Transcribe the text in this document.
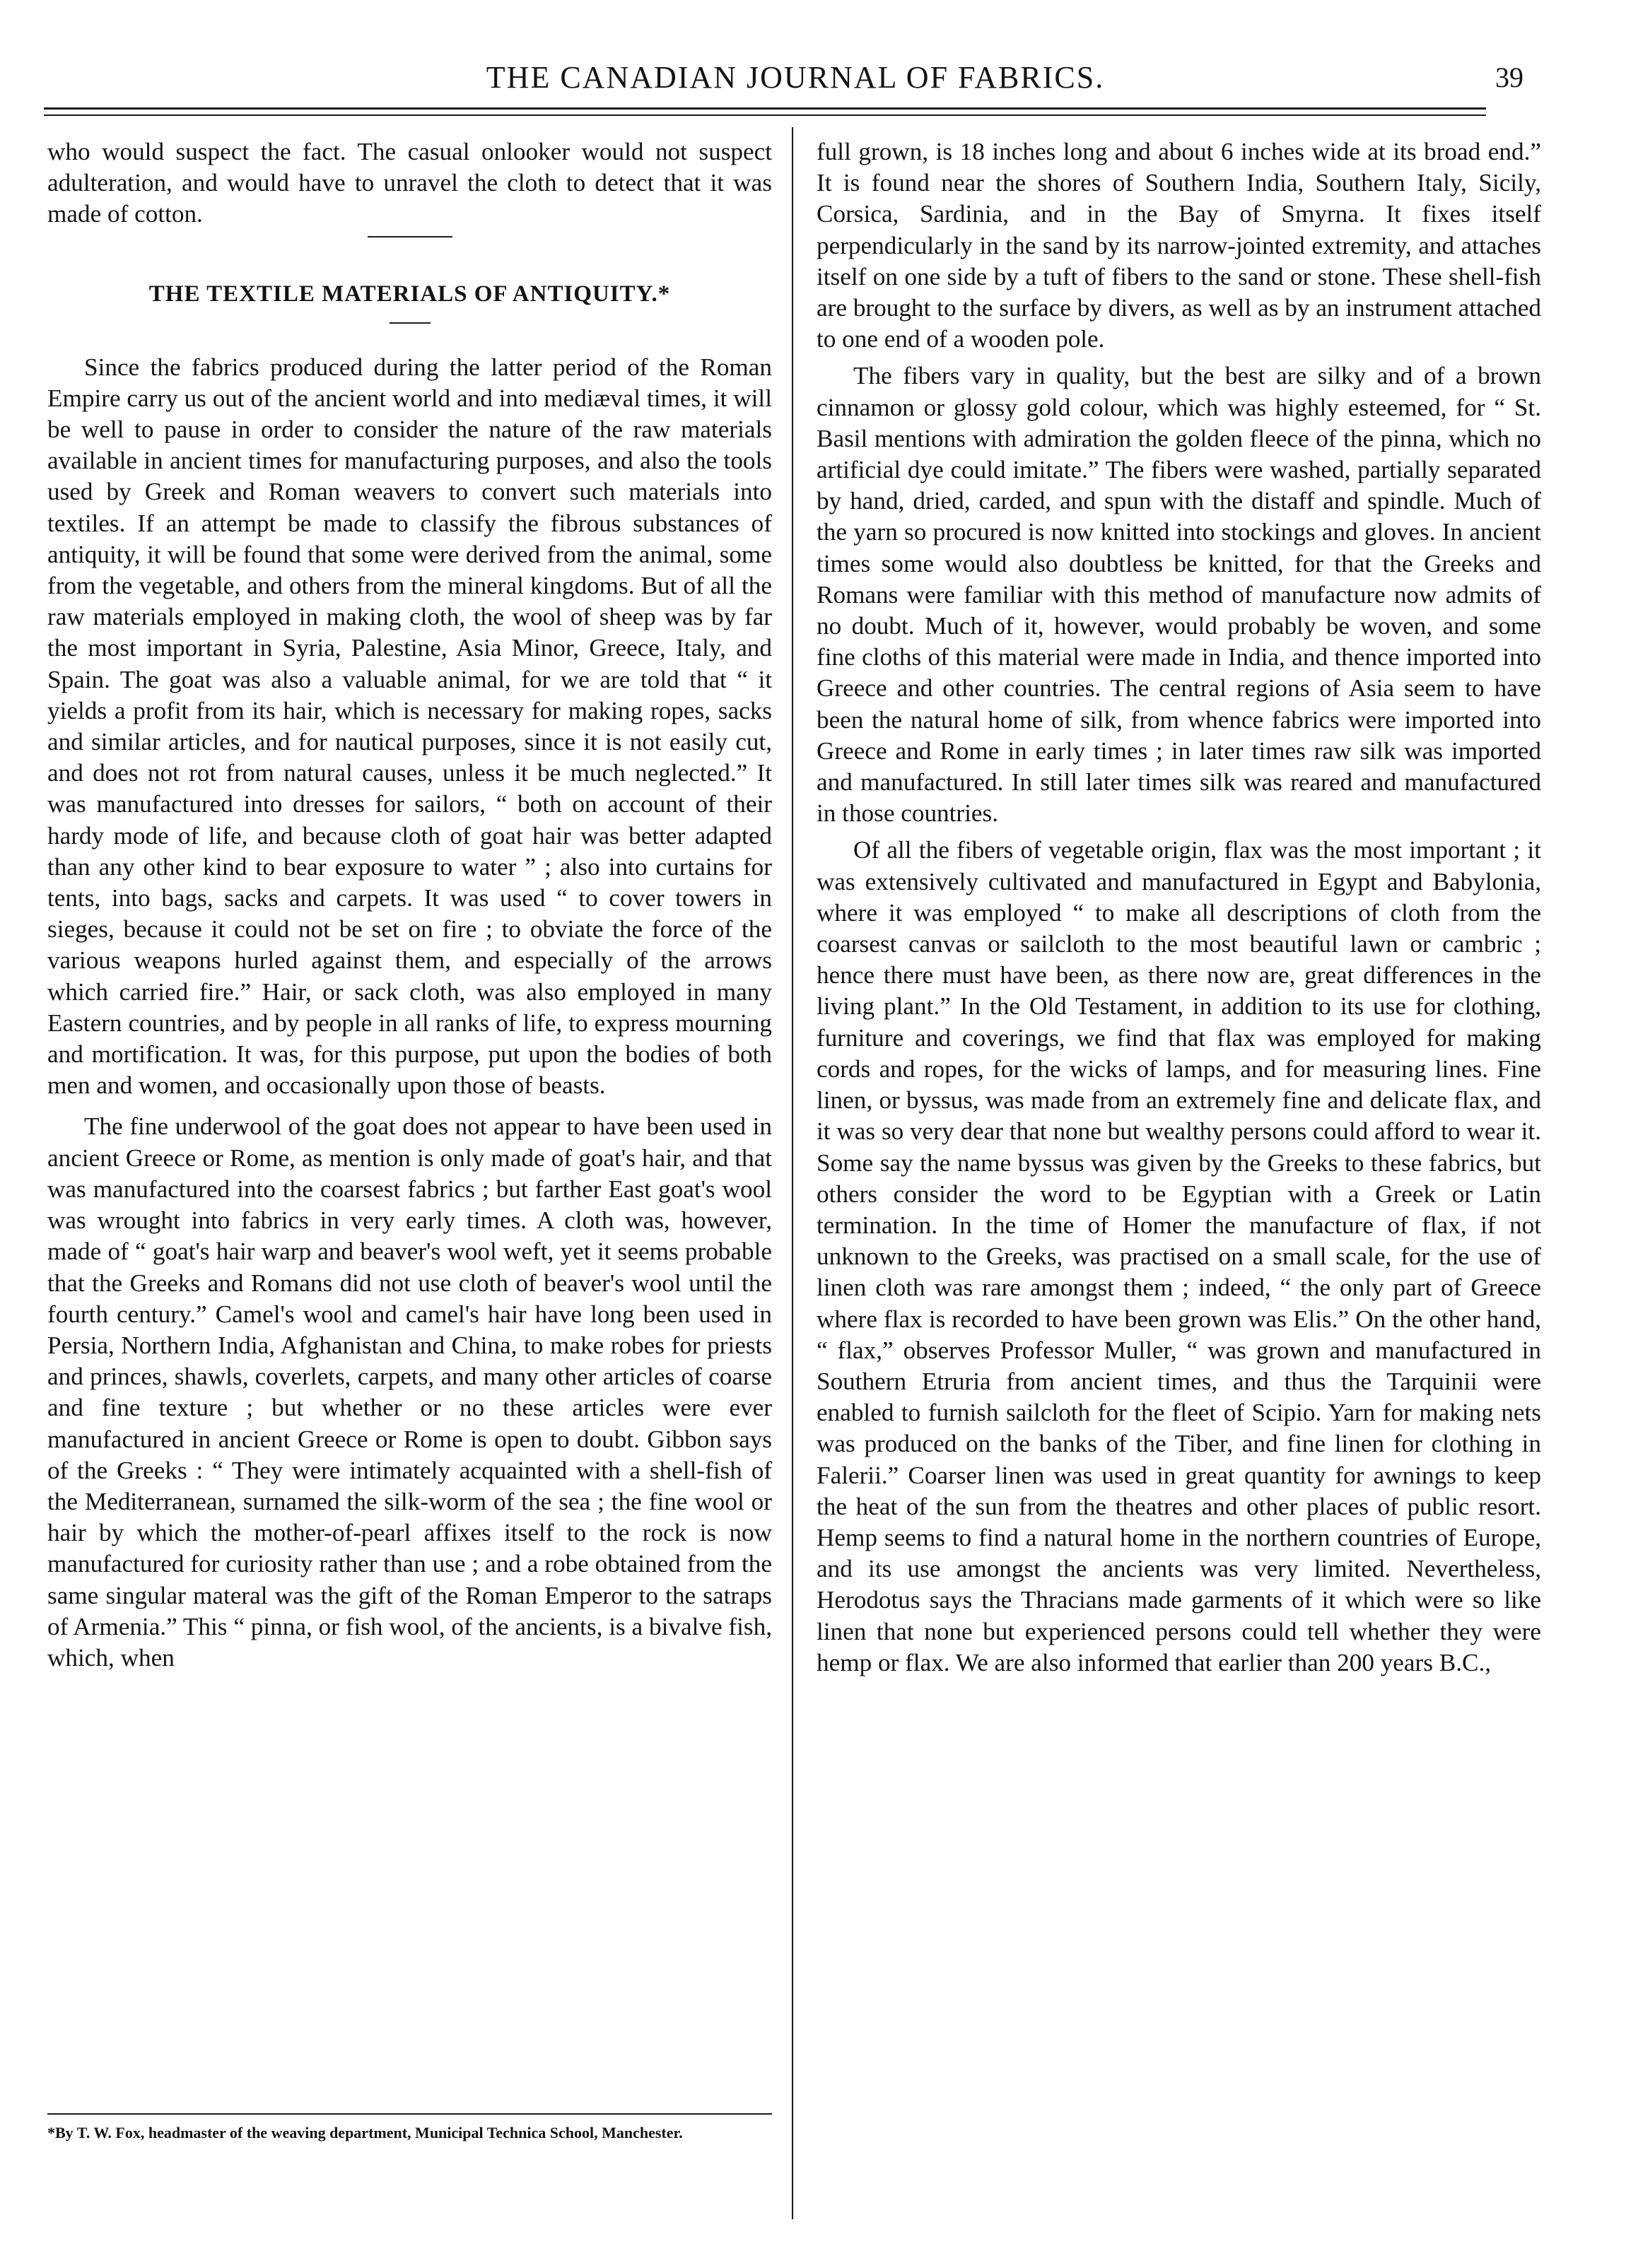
THE CANADIAN JOURNAL OF FABRICS.	39

who would suspect the fact. The casual onlooker would not suspect adulteration, and would have to unravel the cloth to detect that it was made of cotton.

THE TEXTILE MATERIALS OF ANTIQUITY.*

Since the fabrics produced during the latter period of the Roman Empire carry us out of the ancient world and into mediæval times, it will be well to pause in order to consider the nature of the raw materials available in ancient times for manufacturing purposes, and also the tools used by Greek and Roman weavers to convert such materials into textiles. If an attempt be made to classify the fibrous substances of antiquity, it will be found that some were derived from the animal, some from the vegetable, and others from the mineral kingdoms. But of all the raw materials employed in making cloth, the wool of sheep was by far the most important in Syria, Palestine, Asia Minor, Greece, Italy, and Spain. The goat was also a valuable animal, for we are told that “ it yields a profit from its hair, which is necessary for making ropes, sacks and similar articles, and for nautical purposes, since it is not easily cut, and does not rot from natural causes, unless it be much neglected.” It was manufactured into dresses for sailors, “ both on account of their hardy mode of life, and because cloth of goat hair was better adapted than any other kind to bear exposure to water ” ; also into curtains for tents, into bags, sacks and carpets. It was used “ to cover towers in sieges, because it could not be set on fire ; to obviate the force of the various weapons hurled against them, and especially of the arrows which carried fire.” Hair, or sack cloth, was also employed in many Eastern countries, and by people in all ranks of life, to express mourning and mortification. It was, for this purpose, put upon the bodies of both men and women, and occasionally upon those of beasts.

The fine underwool of the goat does not appear to have been used in ancient Greece or Rome, as mention is only made of goat's hair, and that was manufactured into the coarsest fabrics ; but farther East goat's wool was wrought into fabrics in very early times. A cloth was, however, made of “ goat's hair warp and beaver's wool weft, yet it seems probable that the Greeks and Romans did not use cloth of beaver's wool until the fourth century.” Camel's wool and camel's hair have long been used in Persia, Northern India, Afghanistan and China, to make robes for priests and princes, shawls, coverlets, carpets, and many other articles of coarse and fine texture ; but whether or no these articles were ever manufactured in ancient Greece or Rome is open to doubt. Gibbon says of the Greeks : “ They were intimately acquainted with a shell-fish of the Mediterranean, surnamed the silk-worm of the sea ; the fine wool or hair by which the mother-of-pearl affixes itself to the rock is now manufactured for curiosity rather than use ; and a robe obtained from the same singular materal was the gift of the Roman Emperor to the satraps of Armenia.” This “ pinna, or fish wool, of the ancients, is a bivalve fish, which, when

*By T. W. Fox, headmaster of the weaving department, Municipal Technica School, Manchester.

full grown, is 18 inches long and about 6 inches wide at its broad end.” It is found near the shores of Southern India, Southern Italy, Sicily, Corsica, Sardinia, and in the Bay of Smyrna. It fixes itself perpendicularly in the sand by its narrow-jointed extremity, and attaches itself on one side by a tuft of fibers to the sand or stone. These shell-fish are brought to the surface by divers, as well as by an instrument attached to one end of a wooden pole.

The fibers vary in quality, but the best are silky and of a brown cinnamon or glossy gold colour, which was highly esteemed, for “ St. Basil mentions with admiration the golden fleece of the pinna, which no artificial dye could imitate.” The fibers were washed, partially separated by hand, dried, carded, and spun with the distaff and spindle. Much of the yarn so procured is now knitted into stockings and gloves. In ancient times some would also doubtless be knitted, for that the Greeks and Romans were familiar with this method of manufacture now admits of no doubt. Much of it, however, would probably be woven, and some fine cloths of this material were made in India, and thence imported into Greece and other countries. The central regions of Asia seem to have been the natural home of silk, from whence fabrics were imported into Greece and Rome in early times ; in later times raw silk was imported and manufactured. In still later times silk was reared and manufactured in those countries.

Of all the fibers of vegetable origin, flax was the most important ; it was extensively cultivated and manufactured in Egypt and Babylonia, where it was employed “ to make all descriptions of cloth from the coarsest canvas or sailcloth to the most beautiful lawn or cambric ; hence there must have been, as there now are, great differences in the living plant.” In the Old Testament, in addition to its use for clothing, furniture and coverings, we find that flax was employed for making cords and ropes, for the wicks of lamps, and for measuring lines. Fine linen, or byssus, was made from an extremely fine and delicate flax, and it was so very dear that none but wealthy persons could afford to wear it. Some say the name byssus was given by the Greeks to these fabrics, but others consider the word to be Egyptian with a Greek or Latin termination. In the time of Homer the manufacture of flax, if not unknown to the Greeks, was practised on a small scale, for the use of linen cloth was rare amongst them ; indeed, “ the only part of Greece where flax is recorded to have been grown was Elis.” On the other hand, “ flax,” observes Professor Muller, “ was grown and manufactured in Southern Etruria from ancient times, and thus the Tarquinii were enabled to furnish sailcloth for the fleet of Scipio. Yarn for making nets was produced on the banks of the Tiber, and fine linen for clothing in Falerii.” Coarser linen was used in great quantity for awnings to keep the heat of the sun from the theatres and other places of public resort. Hemp seems to find a natural home in the northern countries of Europe, and its use amongst the ancients was very limited. Nevertheless, Herodotus says the Thracians made garments of it which were so like linen that none but experienced persons could tell whether they were hemp or flax. We are also informed that earlier than 200 years B.C.,
